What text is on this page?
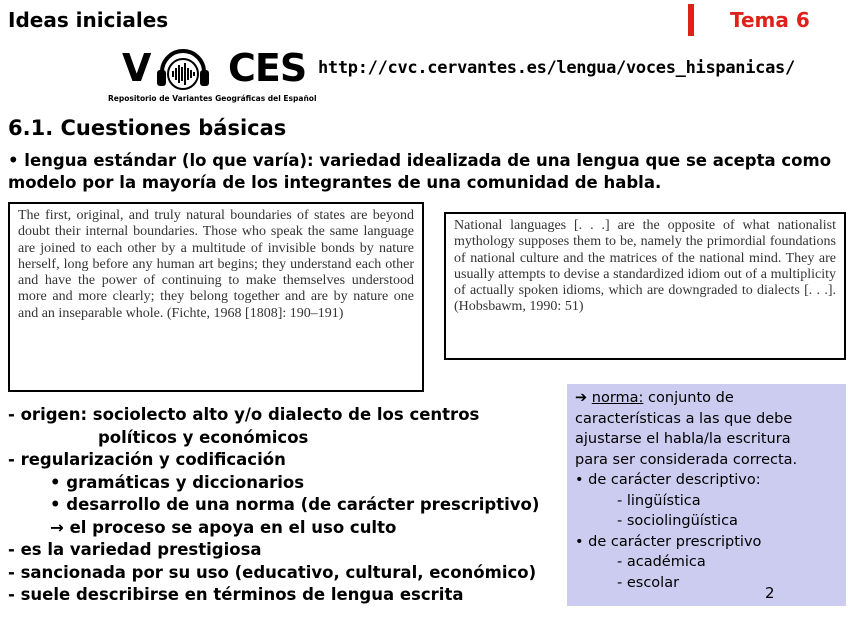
Ideas iniciales	Tema 6
V CES
Repositorio de Variantes Geográficas del Español
http://cvc.cervantes.es/lengua/voces_hispanicas/
6.1. Cuestiones básicas
• lengua estándar (lo que varía): variedad idealizada de una lengua que se acepta como modelo por la mayoría de los integrantes de una comunidad de habla.
The first, original, and truly natural boundaries of states are beyond doubt their internal boundaries. Those who speak the same language are joined to each other by a multitude of invisible bonds by nature herself, long before any human art begins; they understand each other and have the power of continuing to make themselves understood more and more clearly; they belong together and are by nature one and an inseparable whole. (Fichte, 1968 [1808]: 190–191)
National languages [. . .] are the opposite of what nationalist mythology supposes them to be, namely the primordial foundations of national culture and the matrices of the national mind. They are usually attempts to devise a standardized idiom out of a multiplicity of actually spoken idioms, which are downgraded to dialects [. . .]. (Hobsbawm, 1990: 51)
- origen: sociolecto alto y/o dialecto de los centros
políticos y económicos
- regularización y codificación
• gramáticas y diccionarios
• desarrollo de una norma (de carácter prescriptivo)
→ el proceso se apoya en el uso culto
- es la variedad prestigiosa
- sancionada por su uso (educativo, cultural, económico)
- suele describirse en términos de lengua escrita
➔ norma: conjunto de
características a las que debe
ajustarse el habla/la escritura
para ser considerada correcta.
• de carácter descriptivo:
- lingüística
- sociolingüística
• de carácter prescriptivo
- académica
- escolar
2
